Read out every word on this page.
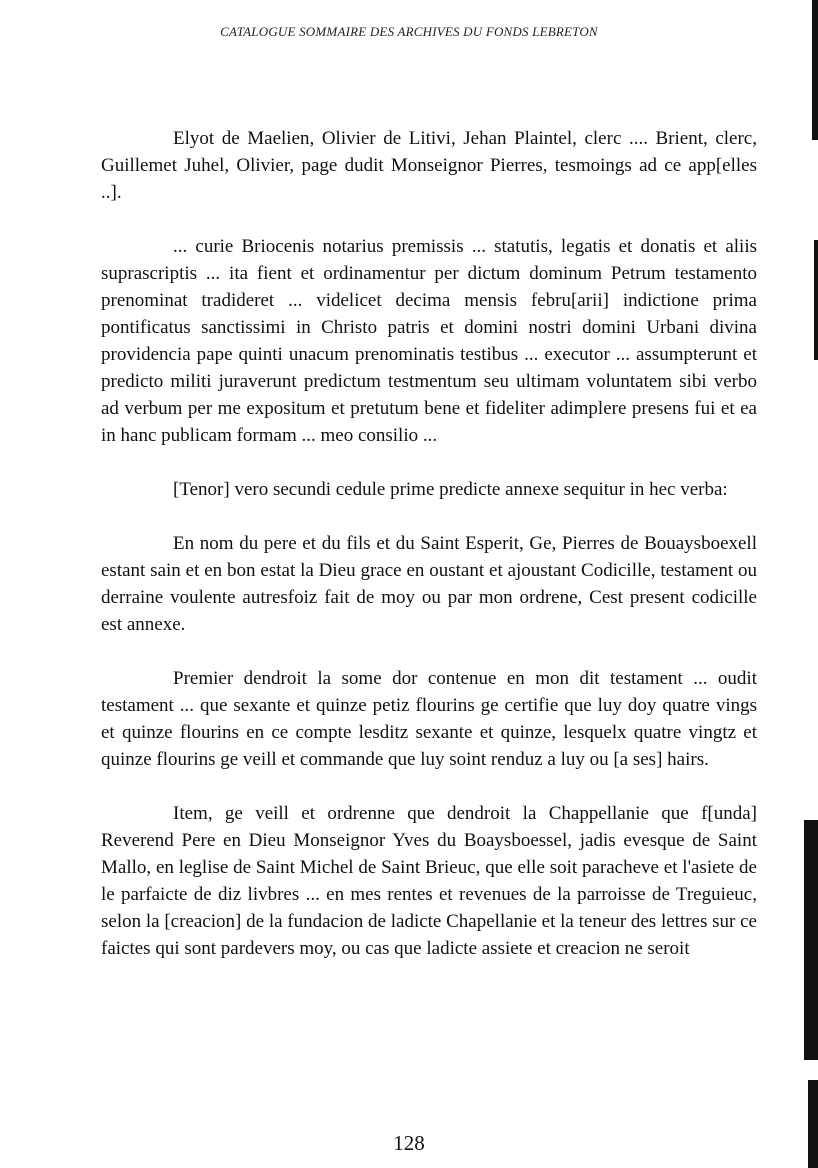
CATALOGUE SOMMAIRE DES ARCHIVES DU FONDS LEBRETON

Elyot de Maelien, Olivier de Litivi, Jehan Plaintel, clerc .... Brient, clerc, Guillemet Juhel, Olivier, page dudit Monseignor Pierres, tesmoings ad ce app[elles ..].

... curie Briocenis notarius premissis ... statutis, legatis et donatis et aliis suprascriptis ... ita fient et ordinamentur per dictum dominum Petrum testamento prenominat tradideret ... videlicet decima mensis febru[arii] indictione prima pontificatus sanctissimi in Christo patris et domini nostri domini Urbani divina providencia pape quinti unacum prenominatis testibus ... executor ... assumpterunt et predicto militi juraverunt predictum testmentum seu ultimam voluntatem sibi verbo ad verbum per me expositum et pretutum bene et fideliter adimplere presens fui et ea in hanc publicam formam ... meo consilio ...

[Tenor] vero secundi cedule prime predicte annexe sequitur in hec verba:

En nom du pere et du fils et du Saint Esperit, Ge, Pierres de Bouaysboexell estant sain et en bon estat la Dieu grace en oustant et ajoustant Codicille, testament ou derraine voulente autresfoiz fait de moy ou par mon ordrene, Cest present codicille est annexe.

Premier dendroit la some dor contenue en mon dit testament ... oudit testament ... que sexante et quinze petiz flourins ge certifie que luy doy quatre vings et quinze flourins en ce compte lesditz sexante et quinze, lesquelx quatre vingtz et quinze flourins ge veill et commande que luy soint renduz a luy ou [a ses] hairs.

Item, ge veill et ordrenne que dendroit la Chappellanie que f[unda] Reverend Pere en Dieu Monseignor Yves du Boaysboessel, jadis evesque de Saint Mallo, en leglise de Saint Michel de Saint Brieuc, que elle soit paracheve et l'asiete de le parfaicte de diz livbres ... en mes rentes et revenues de la parroisse de Treguieuc, selon la [creacion] de la fundacion de ladicte Chapellanie et la teneur des lettres sur ce faictes qui sont pardevers moy, ou cas que ladicte assiete et creacion ne seroit

128
